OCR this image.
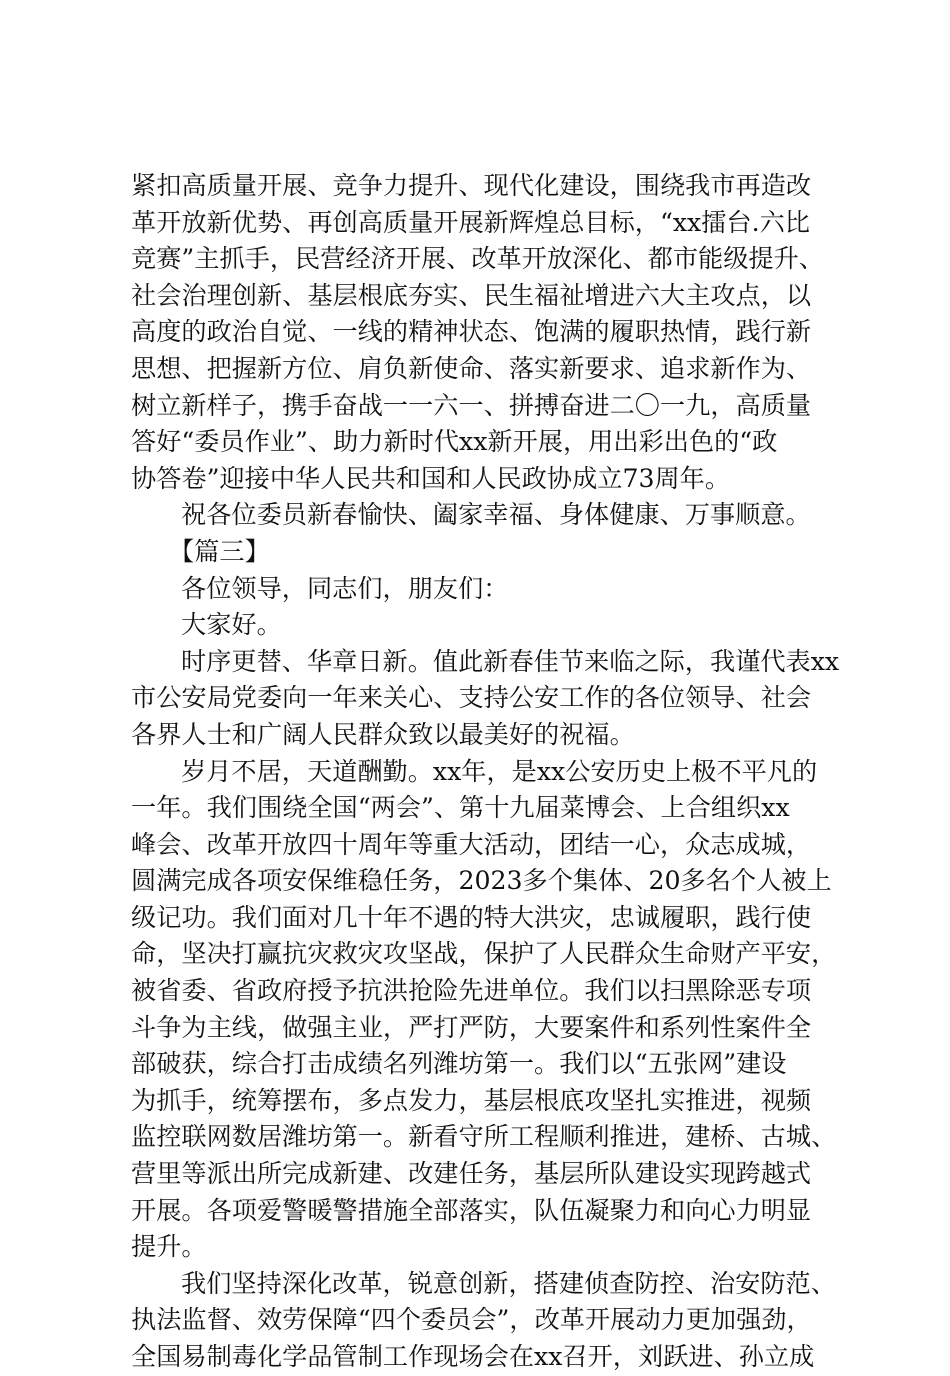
紧扣高质量开展、竞争力提升、现代化建设，围绕我市再造改
革开放新优势、再创高质量开展新辉煌总目标，“xx擂台.六比
竞赛”主抓手，民营经济开展、改革开放深化、都市能级提升、
社会治理创新、基层根底夯实、民生福祉增进六大主攻点，以
高度的政治自觉、一线的精神状态、饱满的履职热情，践行新
思想、把握新方位、肩负新使命、落实新要求、追求新作为、
树立新样子，携手奋战一一六一、拼搏奋进二〇一九，高质量
答好“委员作业”、助力新时代xx新开展，用出彩出色的“政
协答卷”迎接中华人民共和国和人民政协成立73周年。
祝各位委员新春愉快、阖家幸福、身体健康、万事顺意。
【篇三】
各位领导，同志们，朋友们：
大家好。
时序更替、华章日新。值此新春佳节来临之际，我谨代表xx
市公安局党委向一年来关心、支持公安工作的各位领导、社会
各界人士和广阔人民群众致以最美好的祝福。
岁月不居，天道酬勤。xx年，是xx公安历史上极不平凡的
一年。我们围绕全国“两会”、第十九届菜博会、上合组织xx
峰会、改革开放四十周年等重大活动，团结一心，众志成城，
圆满完成各项安保维稳任务，2023多个集体、20多名个人被上
级记功。我们面对几十年不遇的特大洪灾，忠诚履职，践行使
命，坚决打赢抗灾救灾攻坚战，保护了人民群众生命财产平安，
被省委、省政府授予抗洪抢险先进单位。我们以扫黑除恶专项
斗争为主线，做强主业，严打严防，大要案件和系列性案件全
部破获，综合打击成绩名列潍坊第一。我们以“五张网”建设
为抓手，统筹摆布，多点发力，基层根底攻坚扎实推进，视频
监控联网数居潍坊第一。新看守所工程顺利推进，建桥、古城、
营里等派出所完成新建、改建任务，基层所队建设实现跨越式
开展。各项爱警暖警措施全部落实，队伍凝聚力和向心力明显
提升。
我们坚持深化改革，锐意创新，搭建侦查防控、治安防范、
执法监督、效劳保障“四个委员会”，改革开展动力更加强劲，
全国易制毒化学品管制工作现场会在xx召开，刘跃进、孙立成
